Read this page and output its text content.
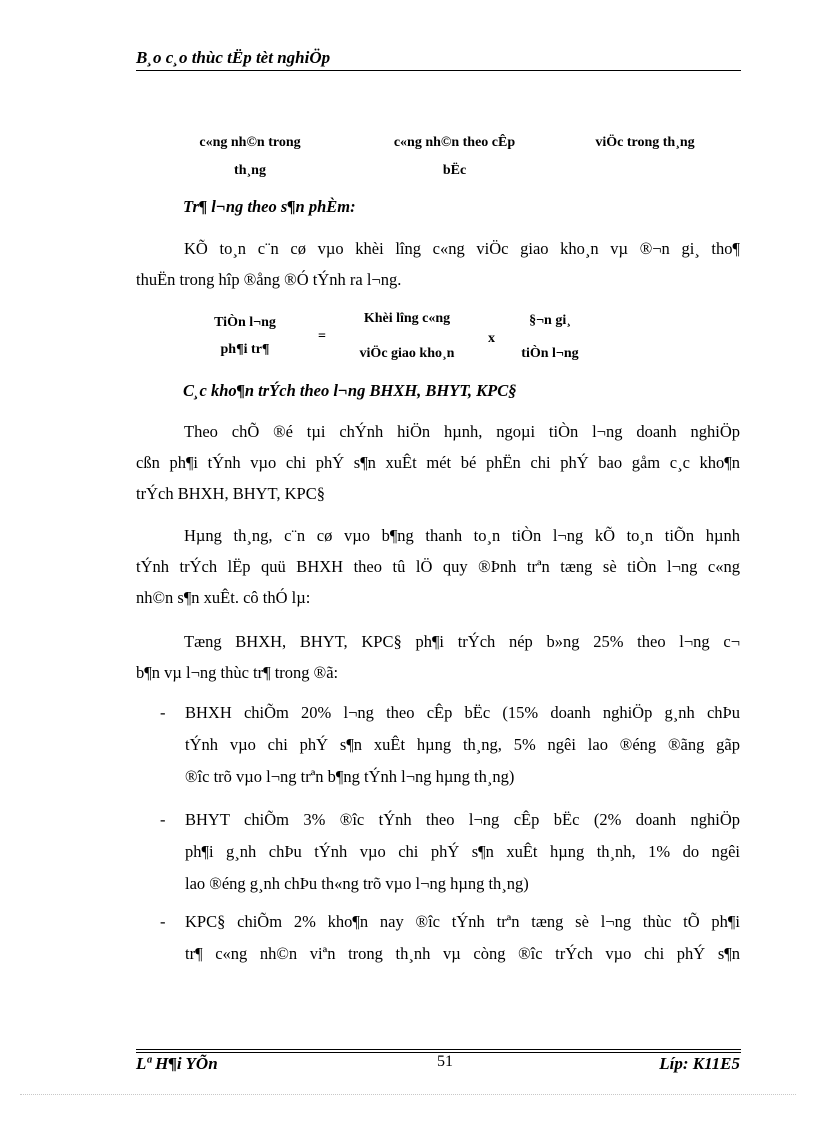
B¸o c¸o thùc tËp tèt nghiÖp
c«ng nh©n trong
th¸ng
c«ng nh©n theo cÊp
bËc
viÖc trong th¸ng
Tr¶ l¬ng theo s¶n phÈm:
KÕ to¸n c¨n cø vµo khèi lîng c«ng viÖc giao kho¸n vµ ®¬n gi¸ tho¶
thuËn trong hîp ®ång ®Ó tÝnh ra l¬ng.
TiÒn l¬ng
ph¶i tr¶
=
Khèi lîng c«ng
viÖc giao kho¸n
x
§¬n gi¸
tiÒn l¬ng
C¸c kho¶n trÝch theo l¬ng BHXH, BHYT, KPC§
Theo chÕ ®é tµi chÝnh hiÖn hµnh, ngoµi tiÒn l¬ng doanh nghiÖp
cßn ph¶i tÝnh vµo chi phÝ s¶n xuÊt mét bé phËn chi phÝ bao gåm c¸c kho¶n
trÝch BHXH, BHYT, KPC§
Hµng th¸ng, c¨n cø vµo b¶ng thanh to¸n tiÒn l¬ng kÕ to¸n tiÕn hµnh
tÝnh trÝch lËp quü BHXH theo tû lÖ quy ®Þnh trªn tæng sè tiÒn l¬ng c«ng
nh©n s¶n xuÊt. cô thÓ lµ:
Tæng BHXH, BHYT, KPC§ ph¶i trÝch nép b»ng 25% theo l¬ng c¬
b¶n vµ l¬ng thùc tr¶ trong ®ã:
- BHXH chiÕm 20% l¬ng theo cÊp bËc (15% doanh nghiÖp g¸nh chÞu
tÝnh vµo chi phÝ s¶n xuÊt hµng th¸ng, 5% ngêi lao ®éng ®ãng gãp
®îc trõ vµo l¬ng trªn b¶ng tÝnh l¬ng hµng th¸ng)
- BHYT chiÕm 3% ®îc tÝnh theo l¬ng cÊp bËc (2% doanh nghiÖp
ph¶i g¸nh chÞu tÝnh vµo chi phÝ s¶n xuÊt hµng th¸nh, 1% do ngêi
lao ®éng g¸nh chÞu th«ng trõ vµo l¬ng hµng th¸ng)
- KPC§ chiÕm 2% kho¶n nay ®îc tÝnh trªn tæng sè l¬ng thùc tÕ ph¶i
tr¶ c«ng nh©n viªn trong th¸nh vµ còng ®îc trÝch vµo chi phÝ s¶n
Lª H¶i YÕn	51	Líp: K11E5
